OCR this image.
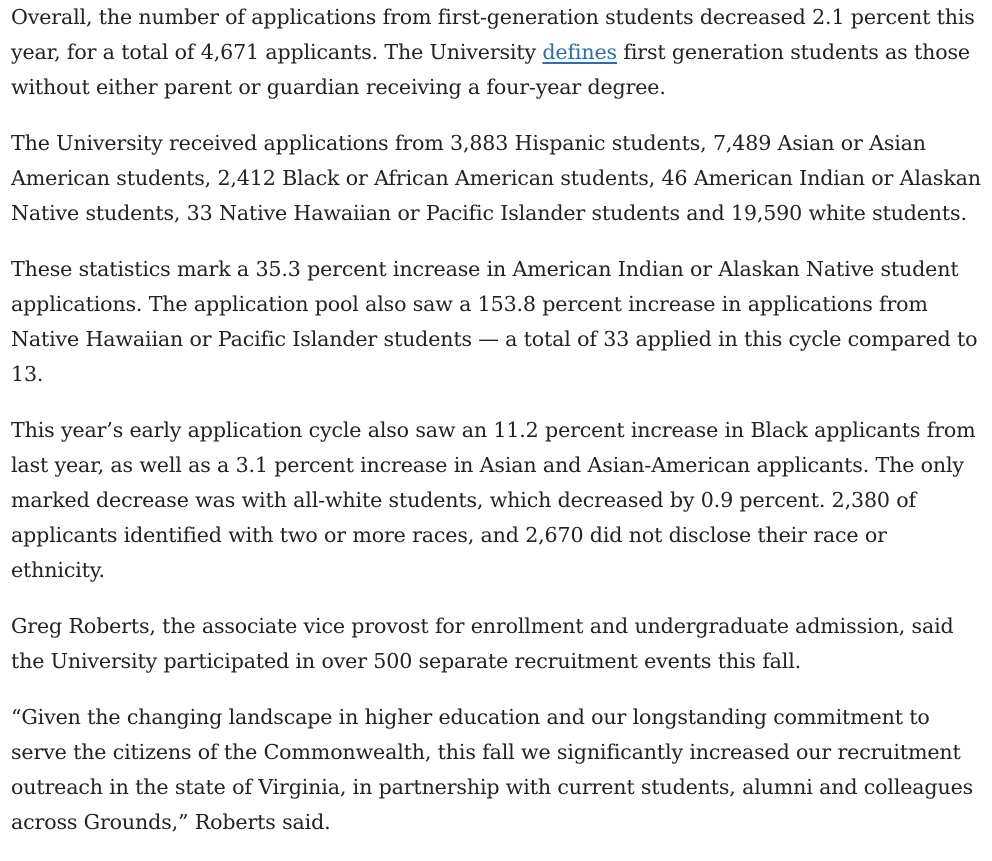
Overall, the number of applications from first-generation students decreased 2.1 percent this
year, for a total of 4,671 applicants. The University defines first generation students as those
without either parent or guardian receiving a four-year degree.

The University received applications from 3,883 Hispanic students, 7,489 Asian or Asian
American students, 2,412 Black or African American students, 46 American Indian or Alaskan
Native students, 33 Native Hawaiian or Pacific Islander students and 19,590 white students.

These statistics mark a 35.3 percent increase in American Indian or Alaskan Native student
applications. The application pool also saw a 153.8 percent increase in applications from
Native Hawaiian or Pacific Islander students — a total of 33 applied in this cycle compared to
13.

This year’s early application cycle also saw an 11.2 percent increase in Black applicants from
last year, as well as a 3.1 percent increase in Asian and Asian-American applicants. The only
marked decrease was with all-white students, which decreased by 0.9 percent. 2,380 of
applicants identified with two or more races, and 2,670 did not disclose their race or
ethnicity.

Greg Roberts, the associate vice provost for enrollment and undergraduate admission, said
the University participated in over 500 separate recruitment events this fall.

“Given the changing landscape in higher education and our longstanding commitment to
serve the citizens of the Commonwealth, this fall we significantly increased our recruitment
outreach in the state of Virginia, in partnership with current students, alumni and colleagues
across Grounds,” Roberts said.
